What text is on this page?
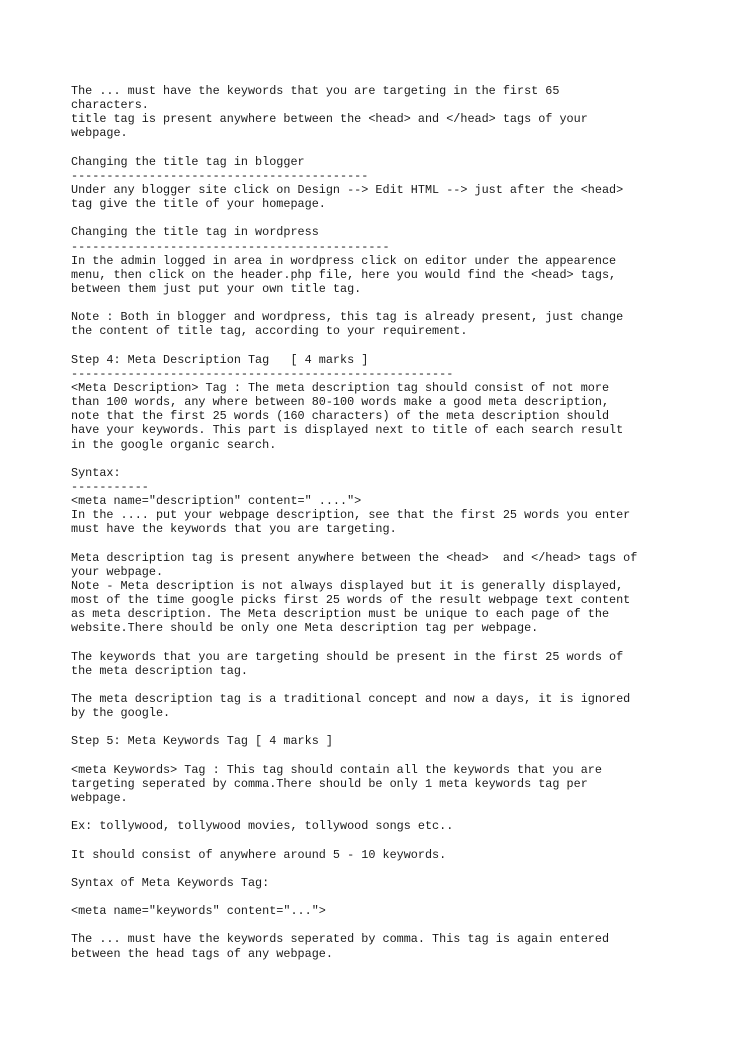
The ... must have the keywords that you are targeting in the first 65
characters.
title tag is present anywhere between the <head> and </head> tags of your
webpage.
Changing the title tag in blogger
------------------------------------------
Under any blogger site click on Design --> Edit HTML --> just after the <head>
tag give the title of your homepage.
Changing the title tag in wordpress
---------------------------------------------
In the admin logged in area in wordpress click on editor under the appearence
menu, then click on the header.php file, here you would find the <head> tags,
between them just put your own title tag.
Note : Both in blogger and wordpress, this tag is already present, just change
the content of title tag, according to your requirement.
Step 4: Meta Description Tag   [ 4 marks ]
------------------------------------------------------
<Meta Description> Tag : The meta description tag should consist of not more
than 100 words, any where between 80-100 words make a good meta description,
note that the first 25 words (160 characters) of the meta description should
have your keywords. This part is displayed next to title of each search result
in the google organic search.
Syntax:
-----------
<meta name="description" content=" ....">
In the .... put your webpage description, see that the first 25 words you enter
must have the keywords that you are targeting.
Meta description tag is present anywhere between the <head>  and </head> tags of
your webpage.
Note - Meta description is not always displayed but it is generally displayed,
most of the time google picks first 25 words of the result webpage text content
as meta description. The Meta description must be unique to each page of the
website.There should be only one Meta description tag per webpage.
The keywords that you are targeting should be present in the first 25 words of
the meta description tag.
The meta description tag is a traditional concept and now a days, it is ignored
by the google.
Step 5: Meta Keywords Tag [ 4 marks ]
<meta Keywords> Tag : This tag should contain all the keywords that you are
targeting seperated by comma.There should be only 1 meta keywords tag per
webpage.
Ex: tollywood, tollywood movies, tollywood songs etc..
It should consist of anywhere around 5 - 10 keywords.
Syntax of Meta Keywords Tag:
<meta name="keywords" content="...">
The ... must have the keywords seperated by comma. This tag is again entered
between the head tags of any webpage.
